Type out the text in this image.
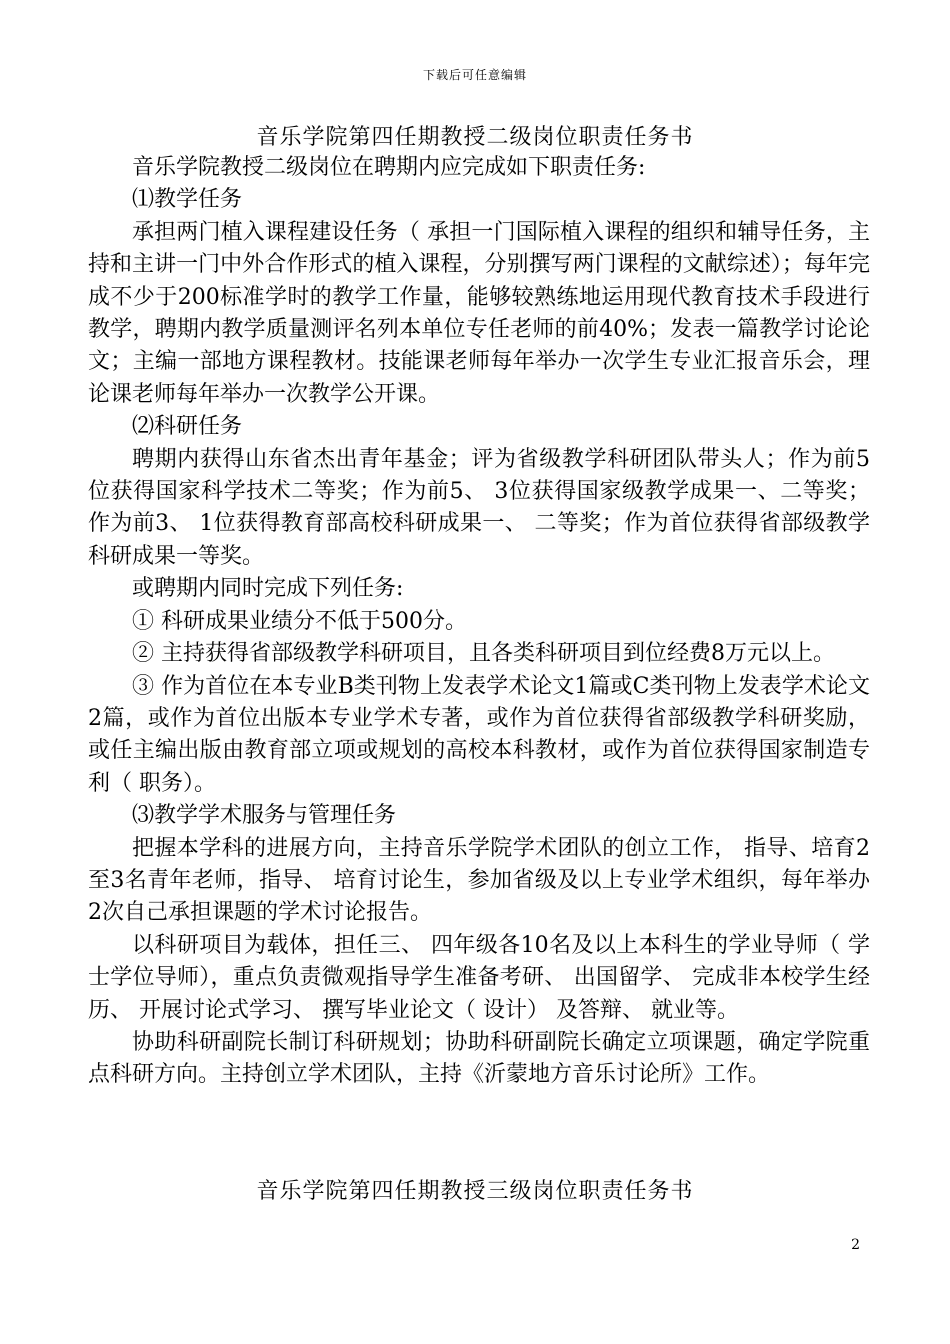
下载后可任意编辑
音乐学院第四任期教授二级岗位职责任务书

音乐学院教授二级岗位在聘期内应完成如下职责任务:

⑴教学任务

承担两门植入课程建设任务（ 承担一门国际植入课程的组织和辅导任务，主持和主讲一门中外合作形式的植入课程，分别撰写两门课程的文献综述）；每年完成不少于200标准学时的教学工作量，能够较熟练地运用现代教育技术手段进行教学，聘期内教学质量测评名列本单位专任老师的前40%；发表一篇教学讨论论文；主编一部地方课程教材。技能课老师每年举办一次学生专业汇报音乐会，理论课老师每年举办一次教学公开课。

⑵科研任务

聘期内获得山东省杰出青年基金；评为省级教学科研团队带头人；作为前5位获得国家科学技术二等奖；作为前5、 3位获得国家级教学成果一、二等奖；作为前3、 1位获得教育部高校科研成果一、 二等奖；作为首位获得省部级教学科研成果一等奖。

或聘期内同时完成下列任务:

① 科研成果业绩分不低于500分。

② 主持获得省部级教学科研项目，且各类科研项目到位经费8万元以上。

③ 作为首位在本专业B类刊物上发表学术论文1篇或C类刊物上发表学术论文2篇，或作为首位出版本专业学术专著，或作为首位获得省部级教学科研奖励，或任主编出版由教育部立项或规划的高校本科教材，或作为首位获得国家制造专利（ 职务）。

⑶教学学术服务与管理任务

把握本学科的进展方向，主持音乐学院学术团队的创立工作， 指导、培育2至3名青年老师，指导、 培育讨论生，参加省级及以上专业学术组织，每年举办2次自己承担课题的学术讨论报告。

以科研项目为载体，担任三、 四年级各10名及以上本科生的学业导师（ 学士学位导师），重点负责微观指导学生准备考研、 出国留学、 完成非本校学生经历、 开展讨论式学习、 撰写毕业论文（ 设计） 及答辩、 就业等。

协助科研副院长制订科研规划；协助科研副院长确定立项课题，确定学院重点科研方向。主持创立学术团队，主持《沂蒙地方音乐讨论所》工作。

音乐学院第四任期教授三级岗位职责任务书
2
